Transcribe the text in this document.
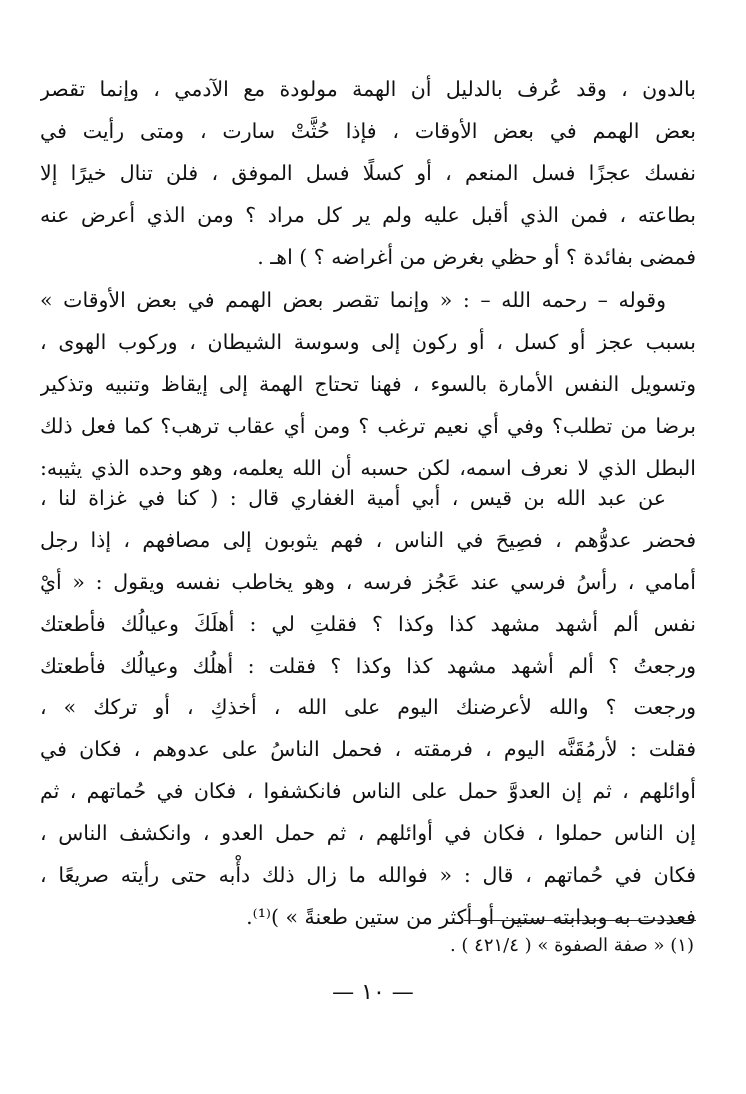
بالدون ، وقد عُرف بالدليل أن الهمة مولودة مع الآدمي ، وإنما تقصر
بعض الهمم في بعض الأوقات ، فإذا حُثَّتْ سارت ، ومتى رأيت في
نفسك عجزًا فسل المنعم ، أو كسلًا فسل الموفق ، فلن تنال خيرًا إلا
بطاعته ، فمن الذي أقبل عليه ولم ير كل مراد ؟ ومن الذي أعرض عنه
فمضى بفائدة ؟ أو حظي بغرض من أغراضه ؟ ) اهـ .
وقوله – رحمه الله – : « وإنما تقصر بعض الهمم في بعض الأوقات »
بسبب عجز أو كسل ، أو ركون إلى وسوسة الشيطان ، وركوب الهوى ،
وتسويل النفس الأمارة بالسوء ، فهنا تحتاج الهمة إلى إيقاظ وتنبيه وتذكير
برضا من تطلب؟ وفي أي نعيم ترغب ؟ ومن أي عقاب ترهب؟ كما فعل ذلك
البطل الذي لا نعرف اسمه، لكن حسبه أن الله يعلمه، وهو وحده الذي يثيبه:
عن عبد الله بن قيس ، أبي أمية الغفاري قال : ( كنا في غزاة لنا ،
فحضر عدوُّهم ، فصِيحَ في الناس ، فهم يثوبون إلى مصافهم ، إذا رجل
أمامي ، رأسُ فرسي عند عَجُز فرسه ، وهو يخاطب نفسه ويقول : « أيْ
نفس ألم أشهد مشهد كذا وكذا ؟ فقلتِ لي : أهلَكَ وعيالُك فأطعتك
ورجعتُ ؟ ألم أشهد مشهد كذا وكذا ؟ فقلت : أهلُك وعيالُك فأطعتك
ورجعت ؟ والله لأعرضنك اليوم على الله ، أخذكِ ، أو تركك » ،
فقلت : لأرمُقَنَّه اليوم ، فرمقته ، فحمل الناسُ على عدوهم ، فكان في
أوائلهم ، ثم إن العدوَّ حمل على الناس فانكشفوا ، فكان في حُماتهم ، ثم
إن الناس حملوا ، فكان في أوائلهم ، ثم حمل العدو ، وانكشف الناس ،
فكان في حُماتهم ، قال : « فوالله ما زال ذلك دأْبه حتى رأيته صريعًا ،
فعددت به وبدابته ستين أو أكثر من ستين طعنةً » )⁽¹⁾.
(١) « صفة الصفوة » ( ٤٢١/٤ ) .
— ١٠ —
